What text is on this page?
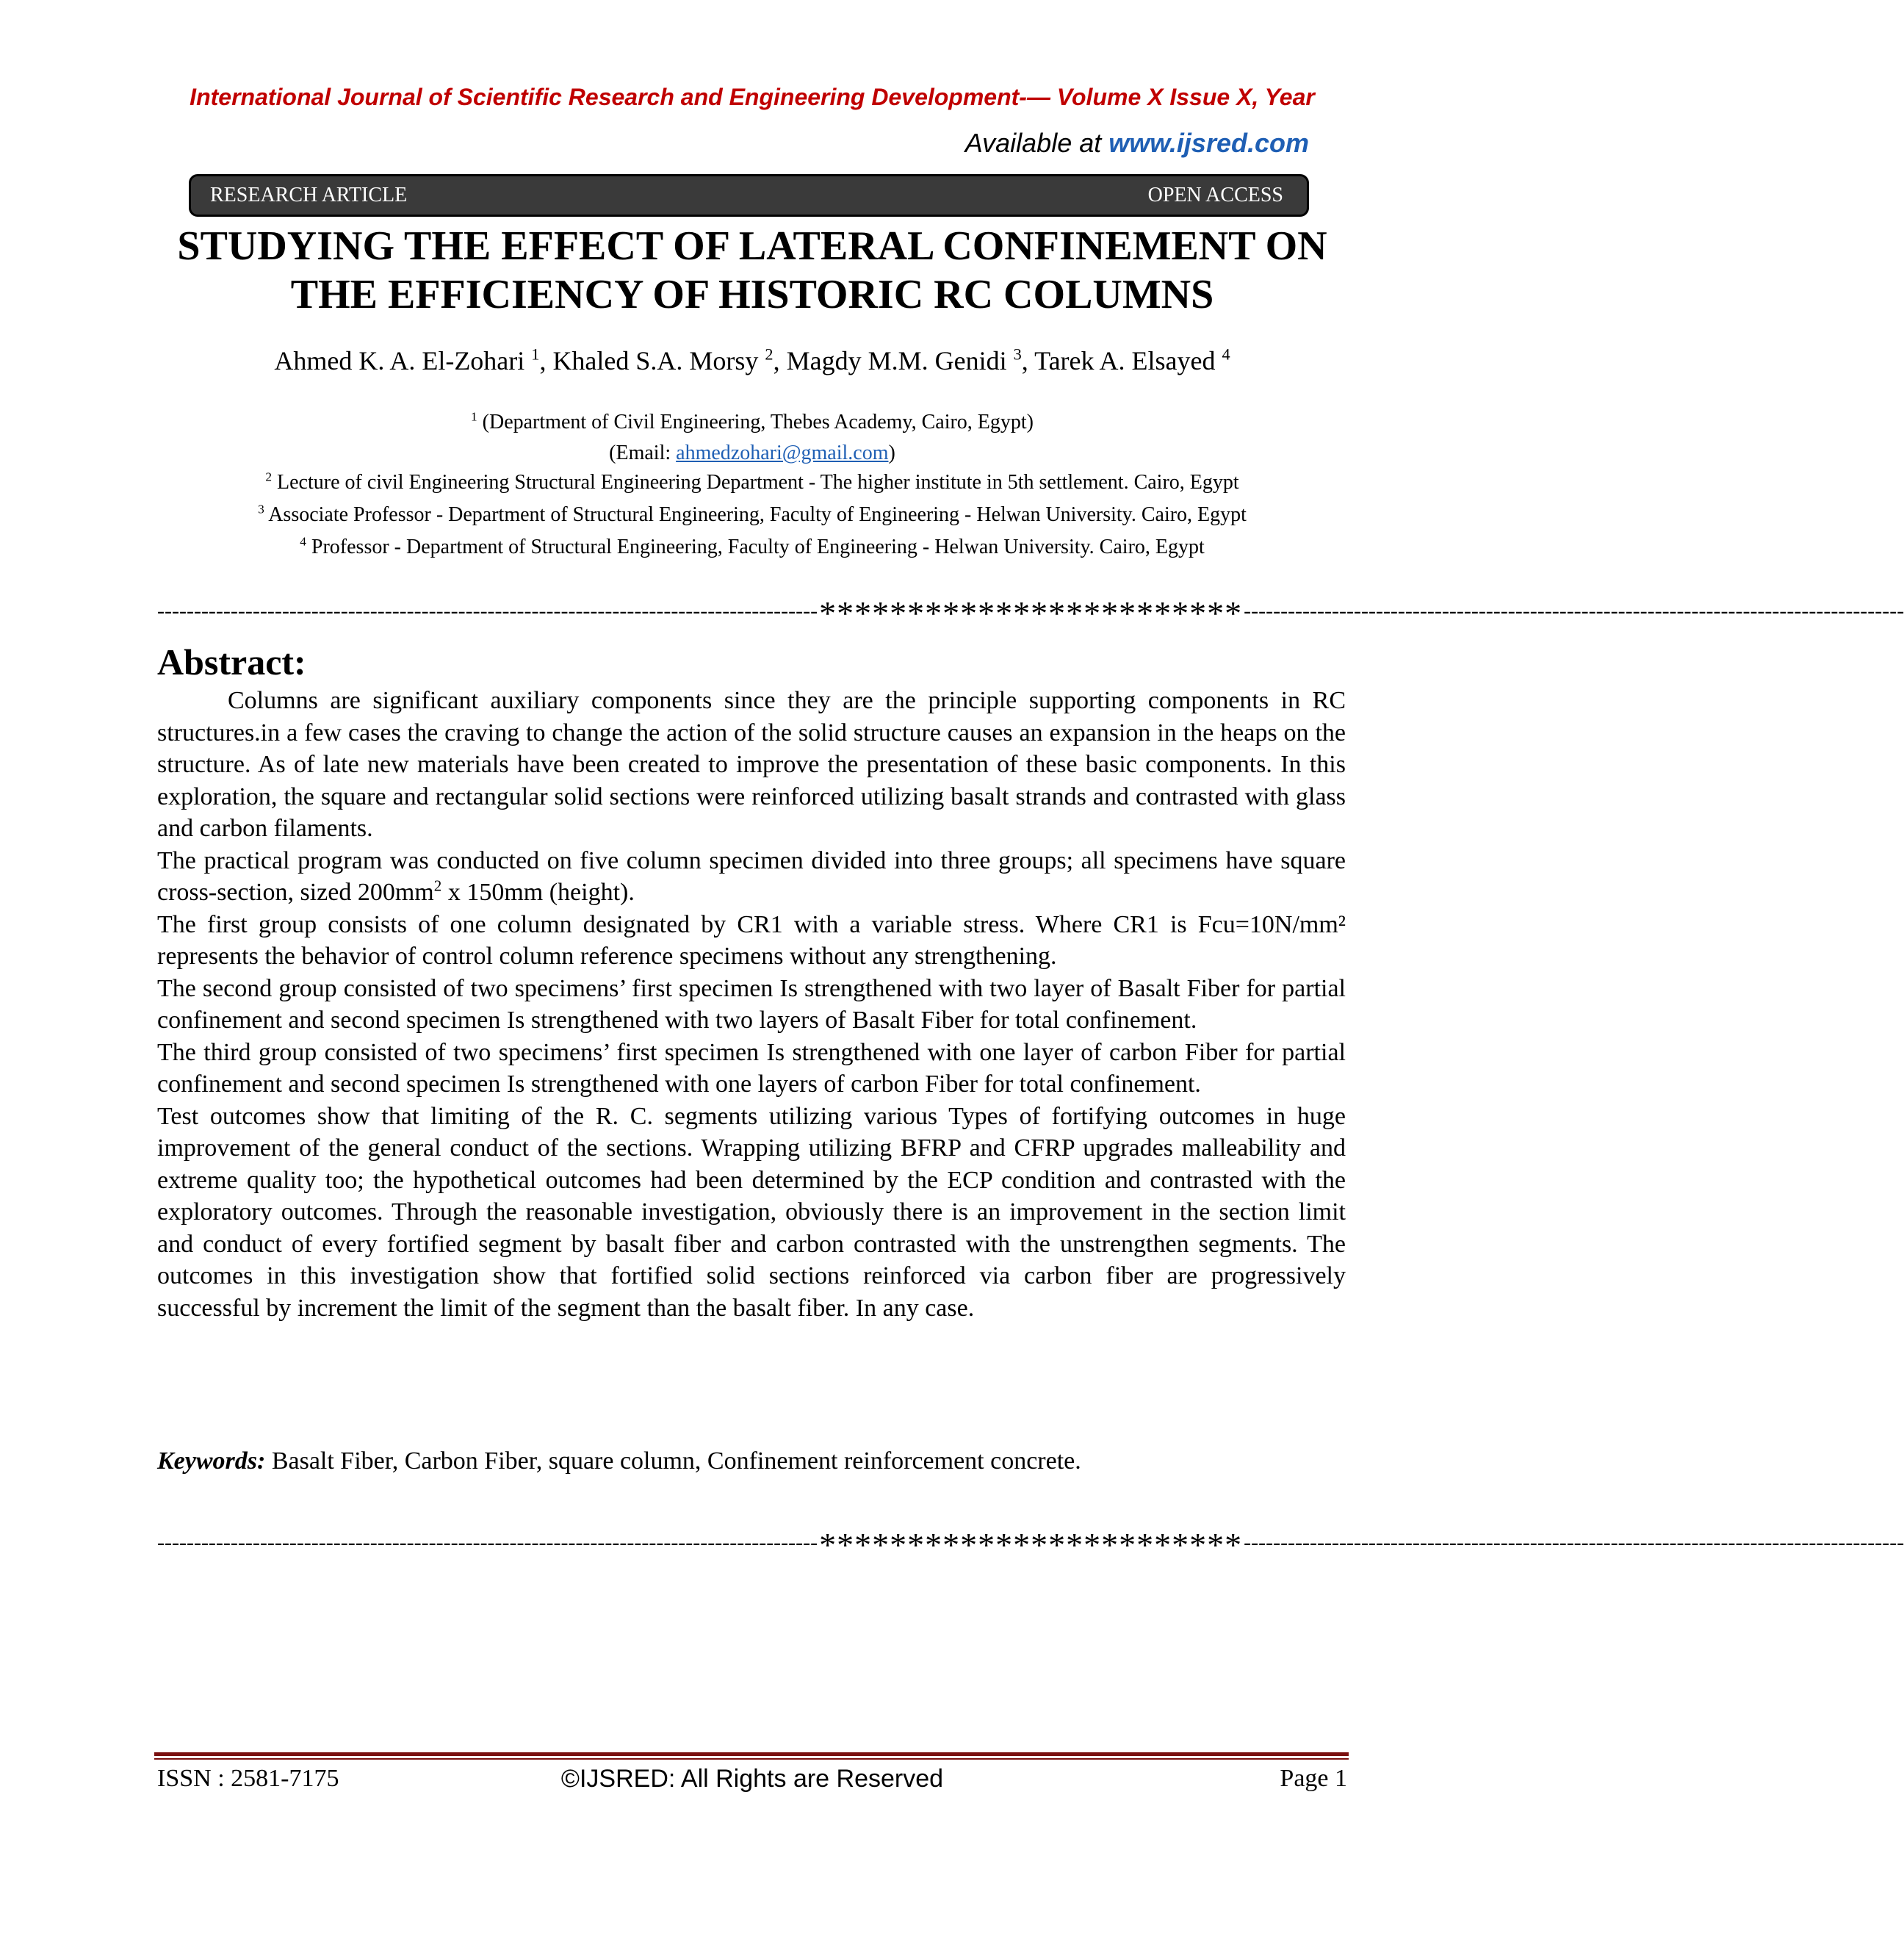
International Journal of Scientific Research and Engineering Development-— Volume X Issue X, Year
Available at www.ijsred.com
RESEARCH ARTICLE	OPEN ACCESS
STUDYING THE EFFECT OF LATERAL CONFINEMENT ON
THE EFFICIENCY OF HISTORIC RC COLUMNS
Ahmed K. A. El-Zohari $^1$, Khaled S.A. Morsy $^2$, Magdy M.M. Genidi $^3$, Tarek A. Elsayed $^4$
$^1$ (Department of Civil Engineering, Thebes Academy, Cairo, Egypt)
(Email: ahmedzohari@gmail.com)
$^2$ Lecture of civil Engineering Structural Engineering Department - The higher institute in 5th settlement. Cairo, Egypt
$^3$ Associate Professor - Department of Structural Engineering, Faculty of Engineering - Helwan University. Cairo, Egypt
$^4$ Professor - Department of Structural Engineering, Faculty of Engineering - Helwan University. Cairo, Egypt
------------------------------------------------------------------------------------------ ************************ ------------------------------------------------------------------------------------------
Abstract:

Columns are significant auxiliary components since they are the principle supporting components in RC structures.in a few cases the craving to change the action of the solid structure causes an expansion in the heaps on the structure. As of late new materials have been created to improve the presentation of these basic components. In this exploration, the square and rectangular solid sections were reinforced utilizing basalt strands and contrasted with glass and carbon filaments.

The practical program was conducted on five column specimen divided into three groups; all specimens have square cross-section, sized $200mm^2$ x 150mm (height).

The first group consists of one column designated by CR1 with a variable stress. Where CR1 is Fcu=10N/mm² represents the behavior of control column reference specimens without any strengthening.

The second group consisted of two specimens’ first specimen Is strengthened with two layer of Basalt Fiber for partial confinement and second specimen Is strengthened with two layers of Basalt Fiber for total confinement.

The third group consisted of two specimens’ first specimen Is strengthened with one layer of carbon Fiber for partial confinement and second specimen Is strengthened with one layers of carbon Fiber for total confinement.

Test outcomes show that limiting of the R. C. segments utilizing various Types of fortifying outcomes in huge improvement of the general conduct of the sections. Wrapping utilizing BFRP and CFRP upgrades malleability and extreme quality too; the hypothetical outcomes had been determined by the ECP condition and contrasted with the exploratory outcomes. Through the reasonable investigation, obviously there is an improvement in the section limit and conduct of every fortified segment by basalt fiber and carbon contrasted with the unstrengthen segments. The outcomes in this investigation show that fortified solid sections reinforced via carbon fiber are progressively successful by increment the limit of the segment than the basalt fiber. In any case.

Keywords: Basalt Fiber, Carbon Fiber, square column, Confinement reinforcement concrete.
------------------------------------------------------------------------------------------ ************************ ------------------------------------------------------------------------------------------
©IJSRED: All Rights are Reserved
ISSN : 2581-7175	Page 1
